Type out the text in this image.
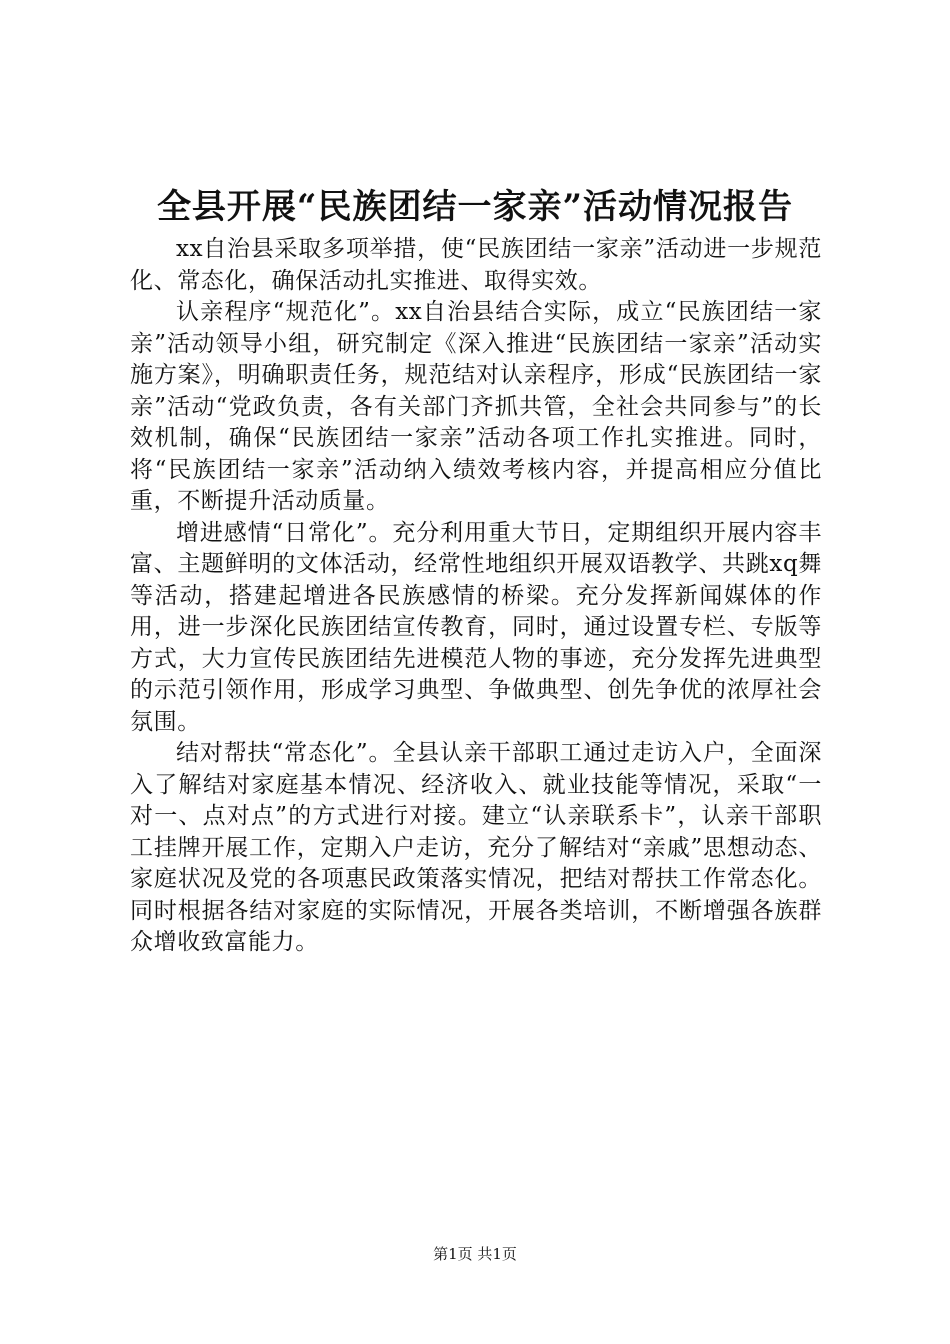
全县开展“民族团结一家亲”活动情况报告

xx自治县采取多项举措，使“民族团结一家亲”活动进一步规范化、常态化，确保活动扎实推进、取得实效。

认亲程序“规范化”。xx自治县结合实际，成立“民族团结一家亲”活动领导小组，研究制定《深入推进“民族团结一家亲”活动实施方案》，明确职责任务，规范结对认亲程序，形成“民族团结一家亲”活动“党政负责，各有关部门齐抓共管，全社会共同参与”的长效机制，确保“民族团结一家亲”活动各项工作扎实推进。同时，将“民族团结一家亲”活动纳入绩效考核内容，并提高相应分值比重，不断提升活动质量。

增进感情“日常化”。充分利用重大节日，定期组织开展内容丰富、主题鲜明的文体活动，经常性地组织开展双语教学、共跳xq舞等活动，搭建起增进各民族感情的桥梁。充分发挥新闻媒体的作用，进一步深化民族团结宣传教育，同时，通过设置专栏、专版等方式，大力宣传民族团结先进模范人物的事迹，充分发挥先进典型的示范引领作用，形成学习典型、争做典型、创先争优的浓厚社会氛围。

结对帮扶“常态化”。全县认亲干部职工通过走访入户，全面深入了解结对家庭基本情况、经济收入、就业技能等情况，采取“一对一、点对点”的方式进行对接。建立“认亲联系卡”，认亲干部职工挂牌开展工作，定期入户走访，充分了解结对“亲戚”思想动态、家庭状况及党的各项惠民政策落实情况，把结对帮扶工作常态化。同时根据各结对家庭的实际情况，开展各类培训，不断增强各族群众增收致富能力。

第1页 共1页
